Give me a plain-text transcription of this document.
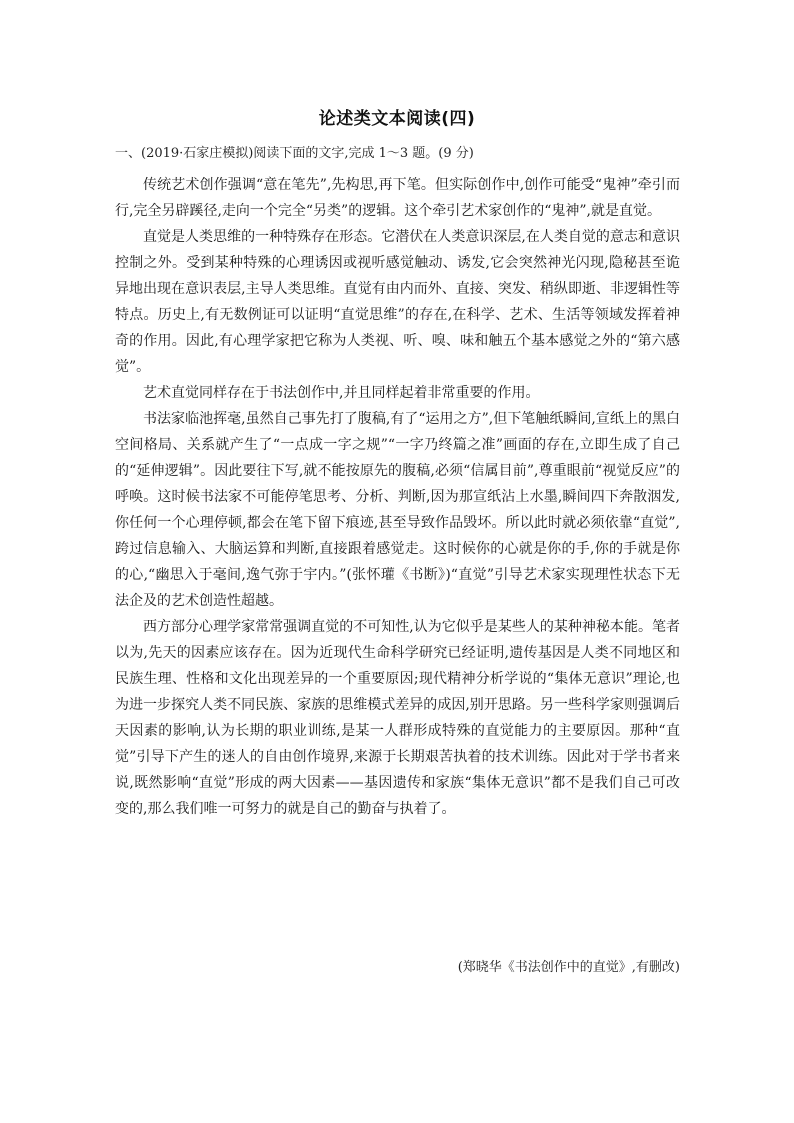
论述类文本阅读(四)
一、(2019·石家庄模拟)阅读下面的文字,完成 1～3 题。(9 分)

传统艺术创作强调“意在笔先”,先构思,再下笔。但实际创作中,创作可能受“鬼神”牵引而行,完全另辟蹊径,走向一个完全“另类”的逻辑。这个牵引艺术家创作的“鬼神”,就是直觉。

直觉是人类思维的一种特殊存在形态。它潜伏在人类意识深层,在人类自觉的意志和意识控制之外。受到某种特殊的心理诱因或视听感觉触动、诱发,它会突然神光闪现,隐秘甚至诡异地出现在意识表层,主导人类思维。直觉有由内而外、直接、突发、稍纵即逝、非逻辑性等特点。历史上,有无数例证可以证明“直觉思维”的存在,在科学、艺术、生活等领域发挥着神奇的作用。因此,有心理学家把它称为人类视、听、嗅、味和触五个基本感觉之外的“第六感觉”。

艺术直觉同样存在于书法创作中,并且同样起着非常重要的作用。

书法家临池挥毫,虽然自己事先打了腹稿,有了“运用之方”,但下笔触纸瞬间,宣纸上的黑白空间格局、关系就产生了“一点成一字之规”“一字乃终篇之准”画面的存在,立即生成了自己的“延伸逻辑”。因此要往下写,就不能按原先的腹稿,必须“信属目前”,尊重眼前“视觉反应”的呼唤。这时候书法家不可能停笔思考、分析、判断,因为那宣纸沾上水墨,瞬间四下奔散洇发,你任何一个心理停顿,都会在笔下留下痕迹,甚至导致作品毁坏。所以此时就必须依靠“直觉”,跨过信息输入、大脑运算和判断,直接跟着感觉走。这时候你的心就是你的手,你的手就是你的心,“幽思入于毫间,逸气弥于宇内。”(张怀瓘《书断》)“直觉”引导艺术家实现理性状态下无法企及的艺术创造性超越。

西方部分心理学家常常强调直觉的不可知性,认为它似乎是某些人的某种神秘本能。笔者以为,先天的因素应该存在。因为近现代生命科学研究已经证明,遗传基因是人类不同地区和民族生理、性格和文化出现差异的一个重要原因;现代精神分析学说的“集体无意识”理论,也为进一步探究人类不同民族、家族的思维模式差异的成因,别开思路。另一些科学家则强调后天因素的影响,认为长期的职业训练,是某一人群形成特殊的直觉能力的主要原因。那种“直觉”引导下产生的迷人的自由创作境界,来源于长期艰苦执着的技术训练。因此对于学书者来说,既然影响“直觉”形成的两大因素——基因遗传和家族“集体无意识”都不是我们自己可改变的,那么我们唯一可努力的就是自己的勤奋与执着了。

(郑晓华《书法创作中的直觉》,有删改)
